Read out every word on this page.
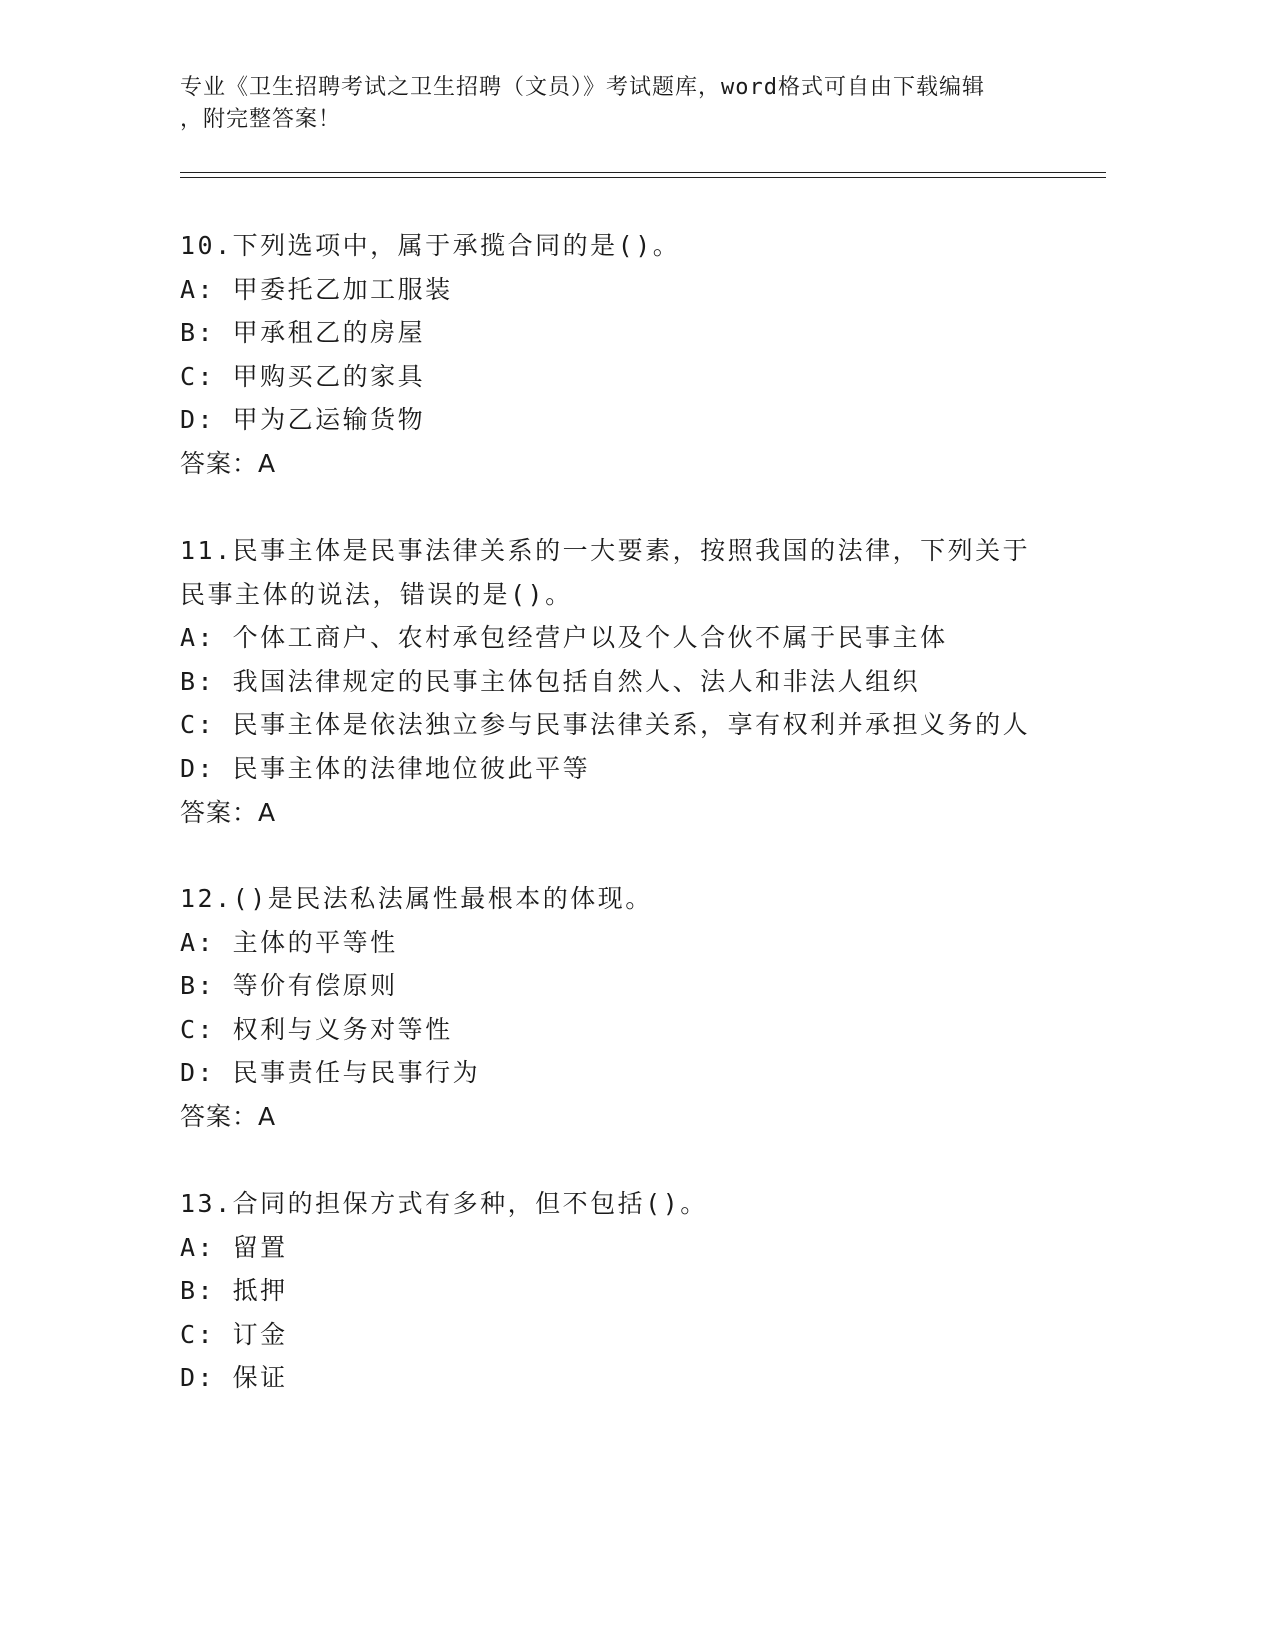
专业《卫生招聘考试之卫生招聘（文员）》考试题库，word格式可自由下载编辑
，附完整答案！
10.下列选项中，属于承揽合同的是()。
A: 甲委托乙加工服装
B: 甲承租乙的房屋
C: 甲购买乙的家具
D: 甲为乙运输货物
答案：A
11.民事主体是民事法律关系的一大要素，按照我国的法律，下列关于
民事主体的说法，错误的是()。
A: 个体工商户、农村承包经营户以及个人合伙不属于民事主体
B: 我国法律规定的民事主体包括自然人、法人和非法人组织
C: 民事主体是依法独立参与民事法律关系，享有权利并承担义务的人
D: 民事主体的法律地位彼此平等
答案：A
12.()是民法私法属性最根本的体现。
A: 主体的平等性
B: 等价有偿原则
C: 权利与义务对等性
D: 民事责任与民事行为
答案：A
13.合同的担保方式有多种，但不包括()。
A: 留置
B: 抵押
C: 订金
D: 保证
